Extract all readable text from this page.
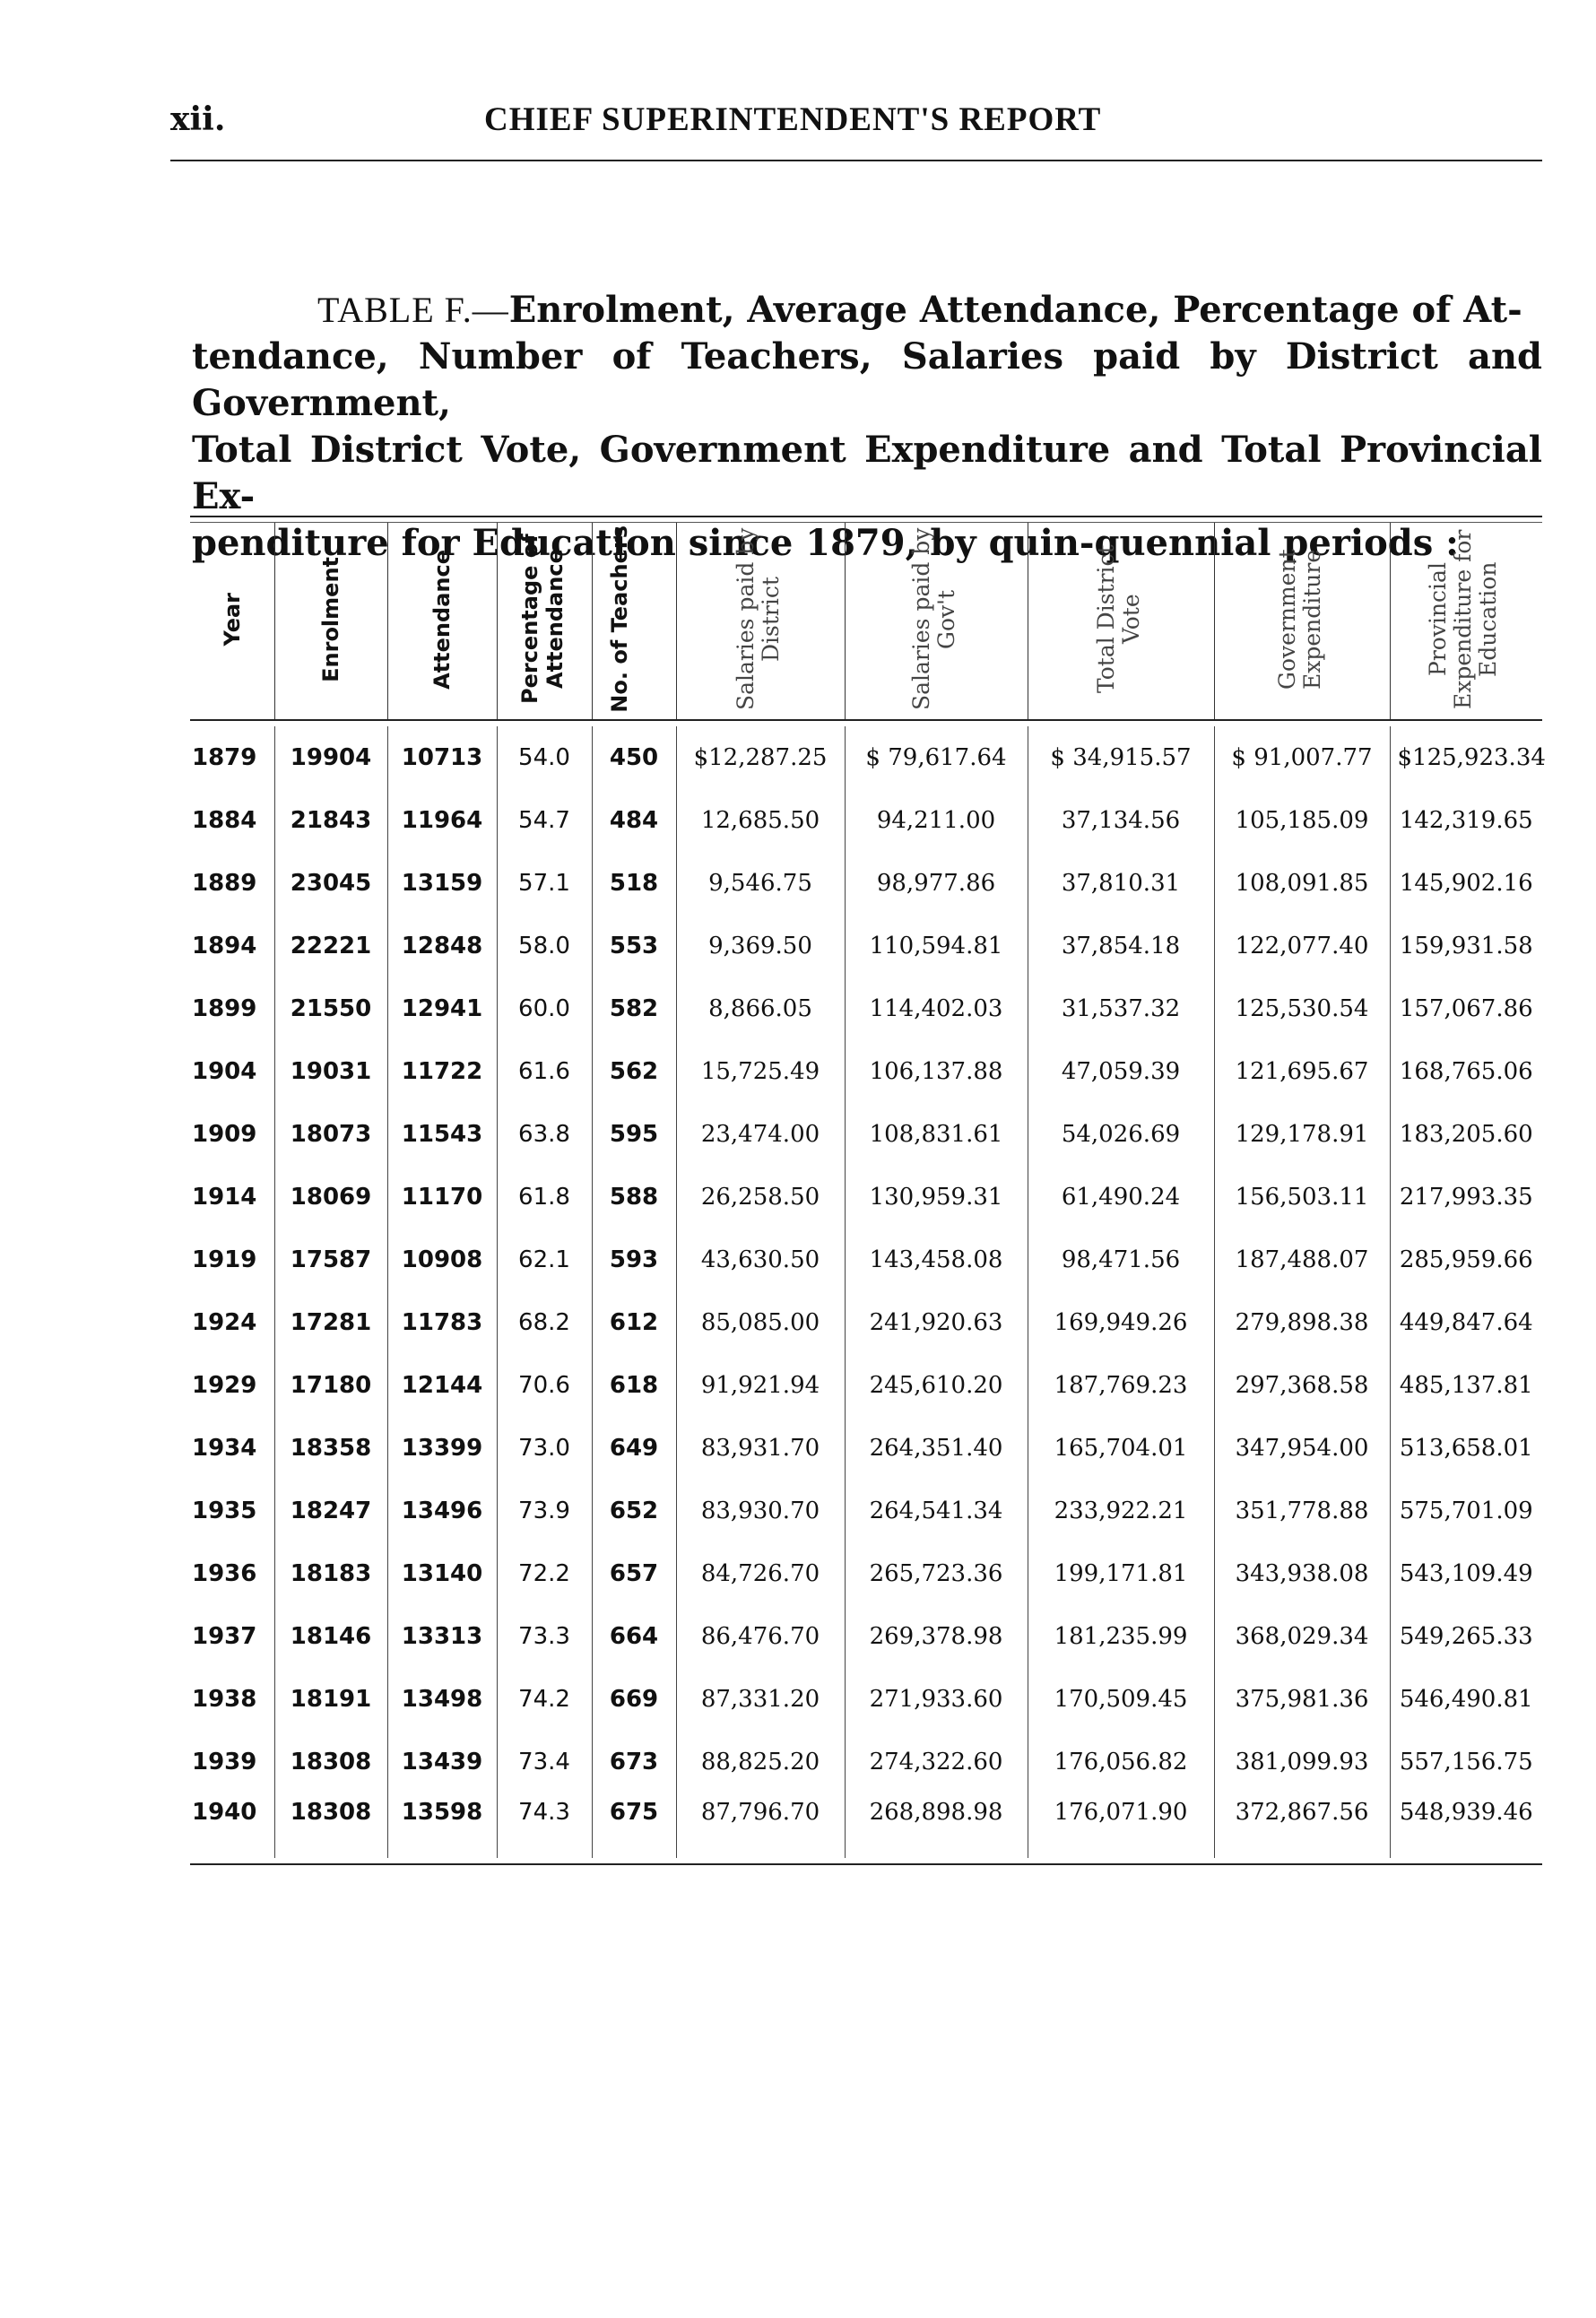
xii.	CHIEF SUPERINTENDENT'S REPORT
TABLE F.—Enrolment, Average Attendance, Percentage of At-
tendance, Number of Teachers, Salaries paid by District and Government,
Total District Vote, Government Expenditure and Total Provincial Ex-
penditure for Education since 1879, by quin-quennial periods :
Year	Enrolment	Attendance	Percentage of Attendance	No. of Teachers	Salaries paid by District	Salaries paid by Gov't	Total District Vote	Government Expenditure	Provincial Expenditure for Education

1879	19904	10713	54.0	450	$12,287.25	$ 79,617.64	$ 34,915.57	$ 91,007.77	$125,923.34
1884	21843	11964	54.7	484	12,685.50	94,211.00	37,134.56	105,185.09	142,319.65
1889	23045	13159	57.1	518	9,546.75	98,977.86	37,810.31	108,091.85	145,902.16
1894	22221	12848	58.0	553	9,369.50	110,594.81	37,854.18	122,077.40	159,931.58
1899	21550	12941	60.0	582	8,866.05	114,402.03	31,537.32	125,530.54	157,067.86
1904	19031	11722	61.6	562	15,725.49	106,137.88	47,059.39	121,695.67	168,765.06
1909	18073	11543	63.8	595	23,474.00	108,831.61	54,026.69	129,178.91	183,205.60
1914	18069	11170	61.8	588	26,258.50	130,959.31	61,490.24	156,503.11	217,993.35
1919	17587	10908	62.1	593	43,630.50	143,458.08	98,471.56	187,488.07	285,959.66
1924	17281	11783	68.2	612	85,085.00	241,920.63	169,949.26	279,898.38	449,847.64
1929	17180	12144	70.6	618	91,921.94	245,610.20	187,769.23	297,368.58	485,137.81
1934	18358	13399	73.0	649	83,931.70	264,351.40	165,704.01	347,954.00	513,658.01
1935	18247	13496	73.9	652	83,930.70	264,541.34	233,922.21	351,778.88	575,701.09
1936	18183	13140	72.2	657	84,726.70	265,723.36	199,171.81	343,938.08	543,109.49
1937	18146	13313	73.3	664	86,476.70	269,378.98	181,235.99	368,029.34	549,265.33
1938	18191	13498	74.2	669	87,331.20	271,933.60	170,509.45	375,981.36	546,490.81
1939	18308	13439	73.4	673	88,825.20	274,322.60	176,056.82	381,099.93	557,156.75
1940	18308	13598	74.3	675	87,796.70	268,898.98	176,071.90	372,867.56	548,939.46
